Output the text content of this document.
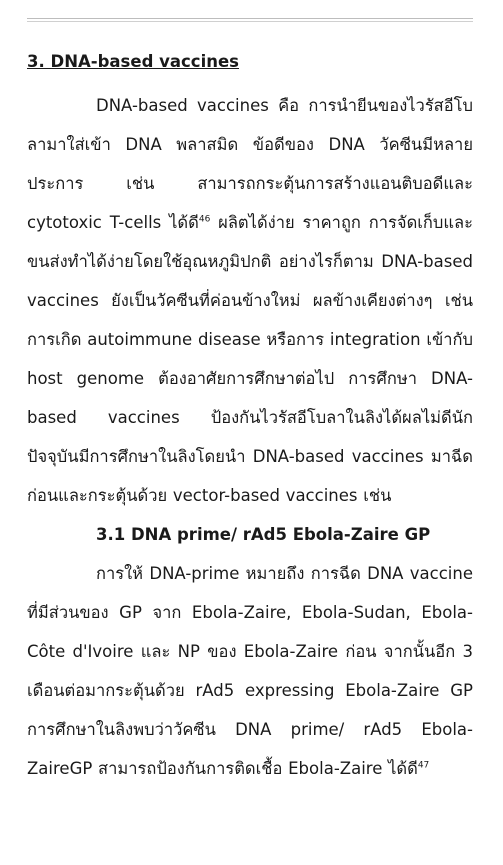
3. DNA-based vaccines

DNA-based vaccines คือ การนำยีนของไวรัสอีโบลามาใส่เข้า DNA พลาสมิด ข้อดีของ DNA วัคซีนมีหลายประการ เช่น สามารถกระตุ้นการสร้างแอนติบอดีและ cytotoxic T-cells ได้ดี$^{46}$ ผลิตได้ง่าย ราคาถูก การจัดเก็บและขนส่งทำได้ง่ายโดยใช้อุณหภูมิปกติ อย่างไรก็ตาม DNA-based vaccines ยังเป็นวัคซีนที่ค่อนข้างใหม่ ผลข้างเคียงต่างๆ เช่นการเกิด autoimmune disease หรือการ integration เข้ากับ host genome ต้องอาศัยการศึกษาต่อไป การศึกษา DNA-based vaccines ป้องกันไวรัสอีโบลาในลิงได้ผลไม่ดีนัก ปัจจุบันมีการศึกษาในลิงโดยนำ DNA-based vaccines มาฉีดก่อนและกระตุ้นด้วย vector-based vaccines เช่น

3.1 DNA prime/ rAd5 Ebola-Zaire GP

การให้ DNA-prime หมายถึง การฉีด DNA vaccine ที่มีส่วนของ GP จาก Ebola-Zaire, Ebola-Sudan, Ebola-Côte d'Ivoire และ NP ของ Ebola-Zaire ก่อน จากนั้นอีก 3 เดือนต่อมากระตุ้นด้วย rAd5 expressing Ebola-Zaire GP การศึกษาในลิงพบว่าวัคซีน DNA prime/ rAd5 Ebola-ZaireGP สามารถป้องกันการติดเชื้อ Ebola-Zaire ได้ดี$^{47}$
